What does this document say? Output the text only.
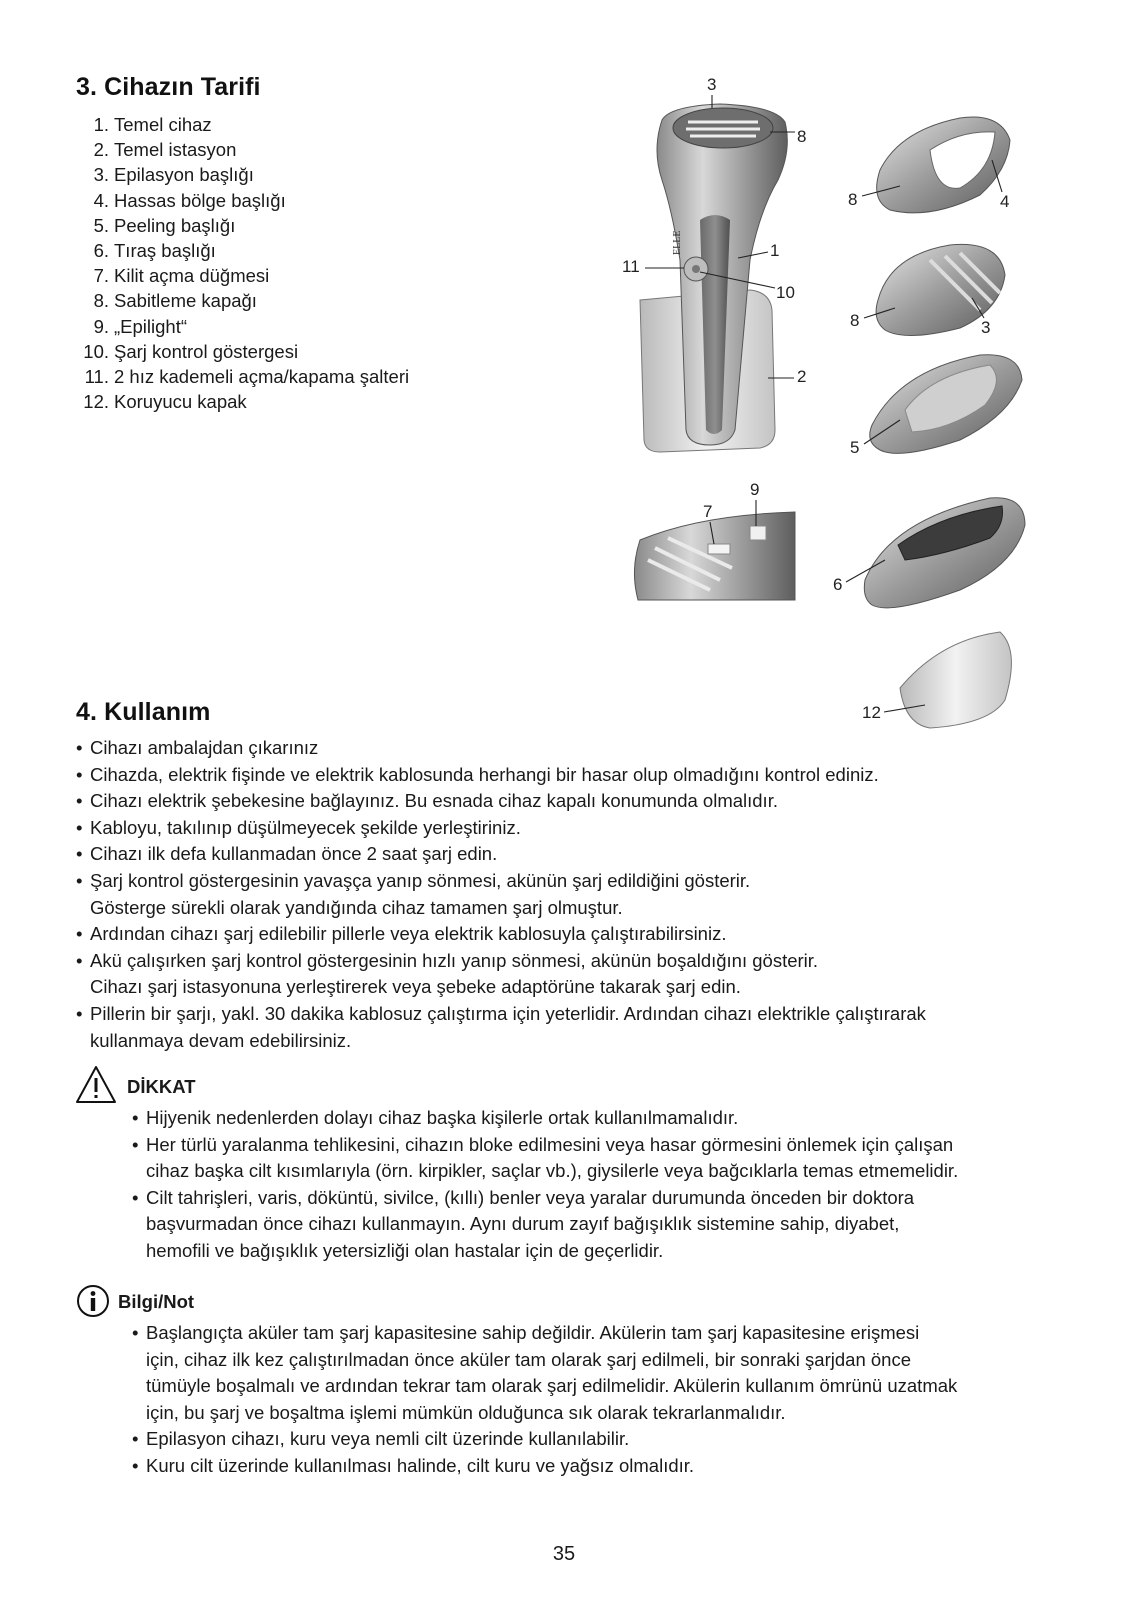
3. Cihazın Tarifi
1. Temel cihaz
2. Temel istasyon
3. Epilasyon başlığı
4. Hassas bölge başlığı
5. Peeling başlığı
6. Tıraş başlığı
7. Kilit açma düğmesi
8. Sabitleme kapağı
9. „Epilight“
10. Şarj kontrol göstergesi
11. 2 hız kademeli açma/kapama şalteri
12. Koruyucu kapak
ELLE
3
8
1
11
10
2
8	4
8	3
5
9
7
6
12
4. Kullanım
• Cihazı ambalajdan çıkarınız
• Cihazda, elektrik fişinde ve elektrik kablosunda herhangi bir hasar olup olmadığını kontrol ediniz.
• Cihazı elektrik şebekesine bağlayınız. Bu esnada cihaz kapalı konumunda olmalıdır.
• Kabloyu, takılınıp düşülmeyecek şekilde yerleştiriniz.
• Cihazı ilk defa kullanmadan önce 2 saat şarj edin.
• Şarj kontrol göstergesinin yavaşça yanıp sönmesi, akünün şarj edildiğini gösterir.
Gösterge sürekli olarak yandığında cihaz tamamen şarj olmuştur.
• Ardından cihazı şarj edilebilir pillerle veya elektrik kablosuyla çalıştırabilirsiniz.
• Akü çalışırken şarj kontrol göstergesinin hızlı yanıp sönmesi, akünün boşaldığını gösterir.
Cihazı şarj istasyonuna yerleştirerek veya şebeke adaptörüne takarak şarj edin.
• Pillerin bir şarjı, yakl. 30 dakika kablosuz çalıştırma için yeterlidir. Ardından cihazı elektrikle çalıştırarak
kullanmaya devam edebilirsiniz.
DİKKAT
• Hijyenik nedenlerden dolayı cihaz başka kişilerle ortak kullanılmamalıdır.
• Her türlü yaralanma tehlikesini, cihazın bloke edilmesini veya hasar görmesini önlemek için çalışan
cihaz başka cilt kısımlarıyla (örn. kirpikler, saçlar vb.), giysilerle veya bağcıklarla temas etmemelidir.
• Cilt tahrişleri, varis, döküntü, sivilce, (kıllı) benler veya yaralar durumunda önceden bir doktora
başvurmadan önce cihazı kullanmayın. Aynı durum zayıf bağışıklık sistemine sahip, diyabet,
hemofili ve bağışıklık yetersizliği olan hastalar için de geçerlidir.
Bilgi/Not
• Başlangıçta aküler tam şarj kapasitesine sahip değildir. Akülerin tam şarj kapasitesine erişmesi
için, cihaz ilk kez çalıştırılmadan önce aküler tam olarak şarj edilmeli, bir sonraki şarjdan önce
tümüyle boşalmalı ve ardından tekrar tam olarak şarj edilmelidir. Akülerin kullanım ömrünü uzatmak
için, bu şarj ve boşaltma işlemi mümkün olduğunca sık olarak tekrarlanmalıdır.
• Epilasyon cihazı, kuru veya nemli cilt üzerinde kullanılabilir.
• Kuru cilt üzerinde kullanılması halinde, cilt kuru ve yağsız olmalıdır.
35
